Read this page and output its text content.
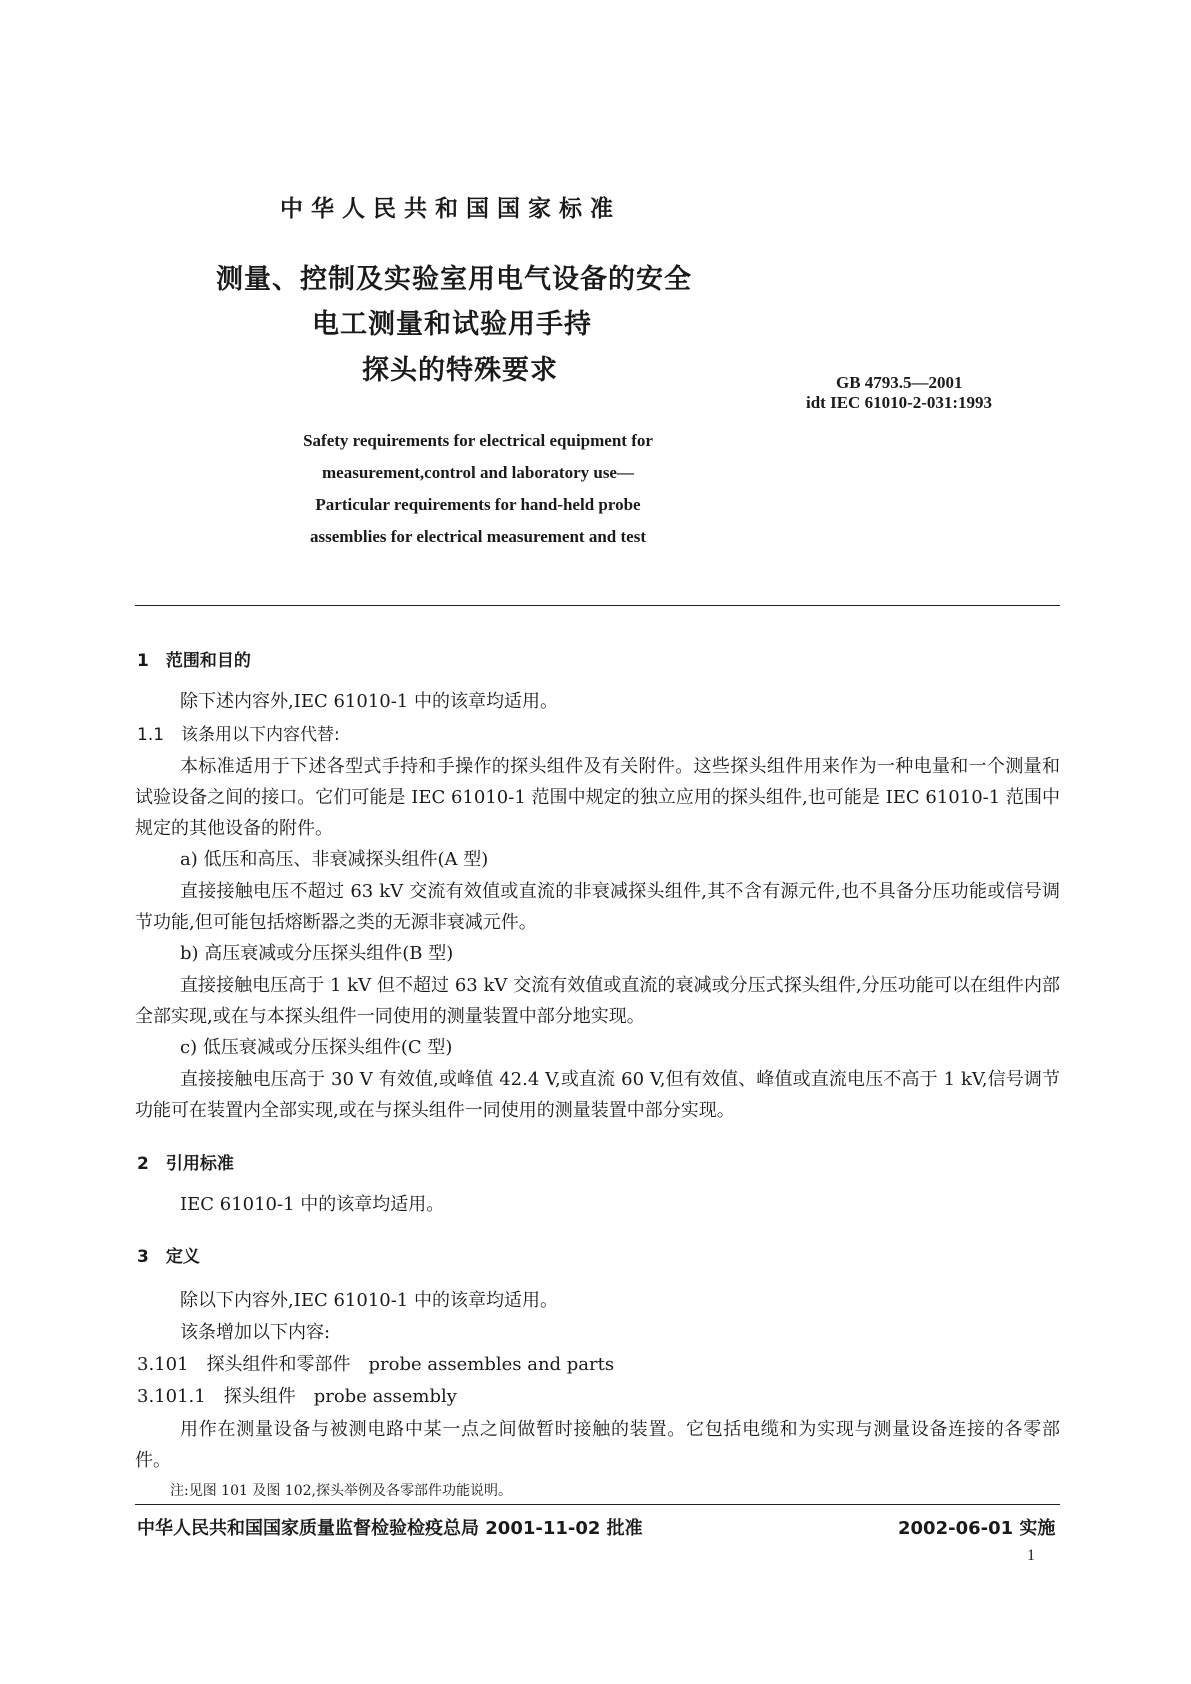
中华人民共和国国家标准
测量、控制及实验室用电气设备的安全
电工测量和试验用手持
探头的特殊要求	GB 4793.5—2001
idt IEC 61010-2-031:1993
Safety requirements for electrical equipment for
measurement,control and laboratory use—
Particular requirements for hand-held probe
assemblies for electrical measurement and test
1　范围和目的
除下述内容外,IEC 61010-1 中的该章均适用。
1.1　该条用以下内容代替:
本标准适用于下述各型式手持和手操作的探头组件及有关附件。这些探头组件用来作为一种电量和一个测量和试验设备之间的接口。它们可能是 IEC 61010-1 范围中规定的独立应用的探头组件,也可能是 IEC 61010-1 范围中规定的其他设备的附件。
a) 低压和高压、非衰减探头组件(A 型)
直接接触电压不超过 63 kV 交流有效值或直流的非衰减探头组件,其不含有源元件,也不具备分压功能或信号调节功能,但可能包括熔断器之类的无源非衰减元件。
b) 高压衰减或分压探头组件(B 型)
直接接触电压高于 1 kV 但不超过 63 kV 交流有效值或直流的衰减或分压式探头组件,分压功能可以在组件内部全部实现,或在与本探头组件一同使用的测量装置中部分地实现。
c) 低压衰减或分压探头组件(C 型)
直接接触电压高于 30 V 有效值,或峰值 42.4 V,或直流 60 V,但有效值、峰值或直流电压不高于 1 kV,信号调节功能可在装置内全部实现,或在与探头组件一同使用的测量装置中部分实现。
2　引用标准
IEC 61010-1 中的该章均适用。
3　定义
除以下内容外,IEC 61010-1 中的该章均适用。
该条增加以下内容:
3.101　探头组件和零部件　probe assembles and parts
3.101.1　探头组件　probe assembly
用作在测量设备与被测电路中某一点之间做暂时接触的装置。它包括电缆和为实现与测量设备连接的各零部件。
注:见图 101 及图 102,探头举例及各零部件功能说明。
中华人民共和国国家质量监督检验检疫总局 2001-11-02 批准	2002-06-01 实施
1
